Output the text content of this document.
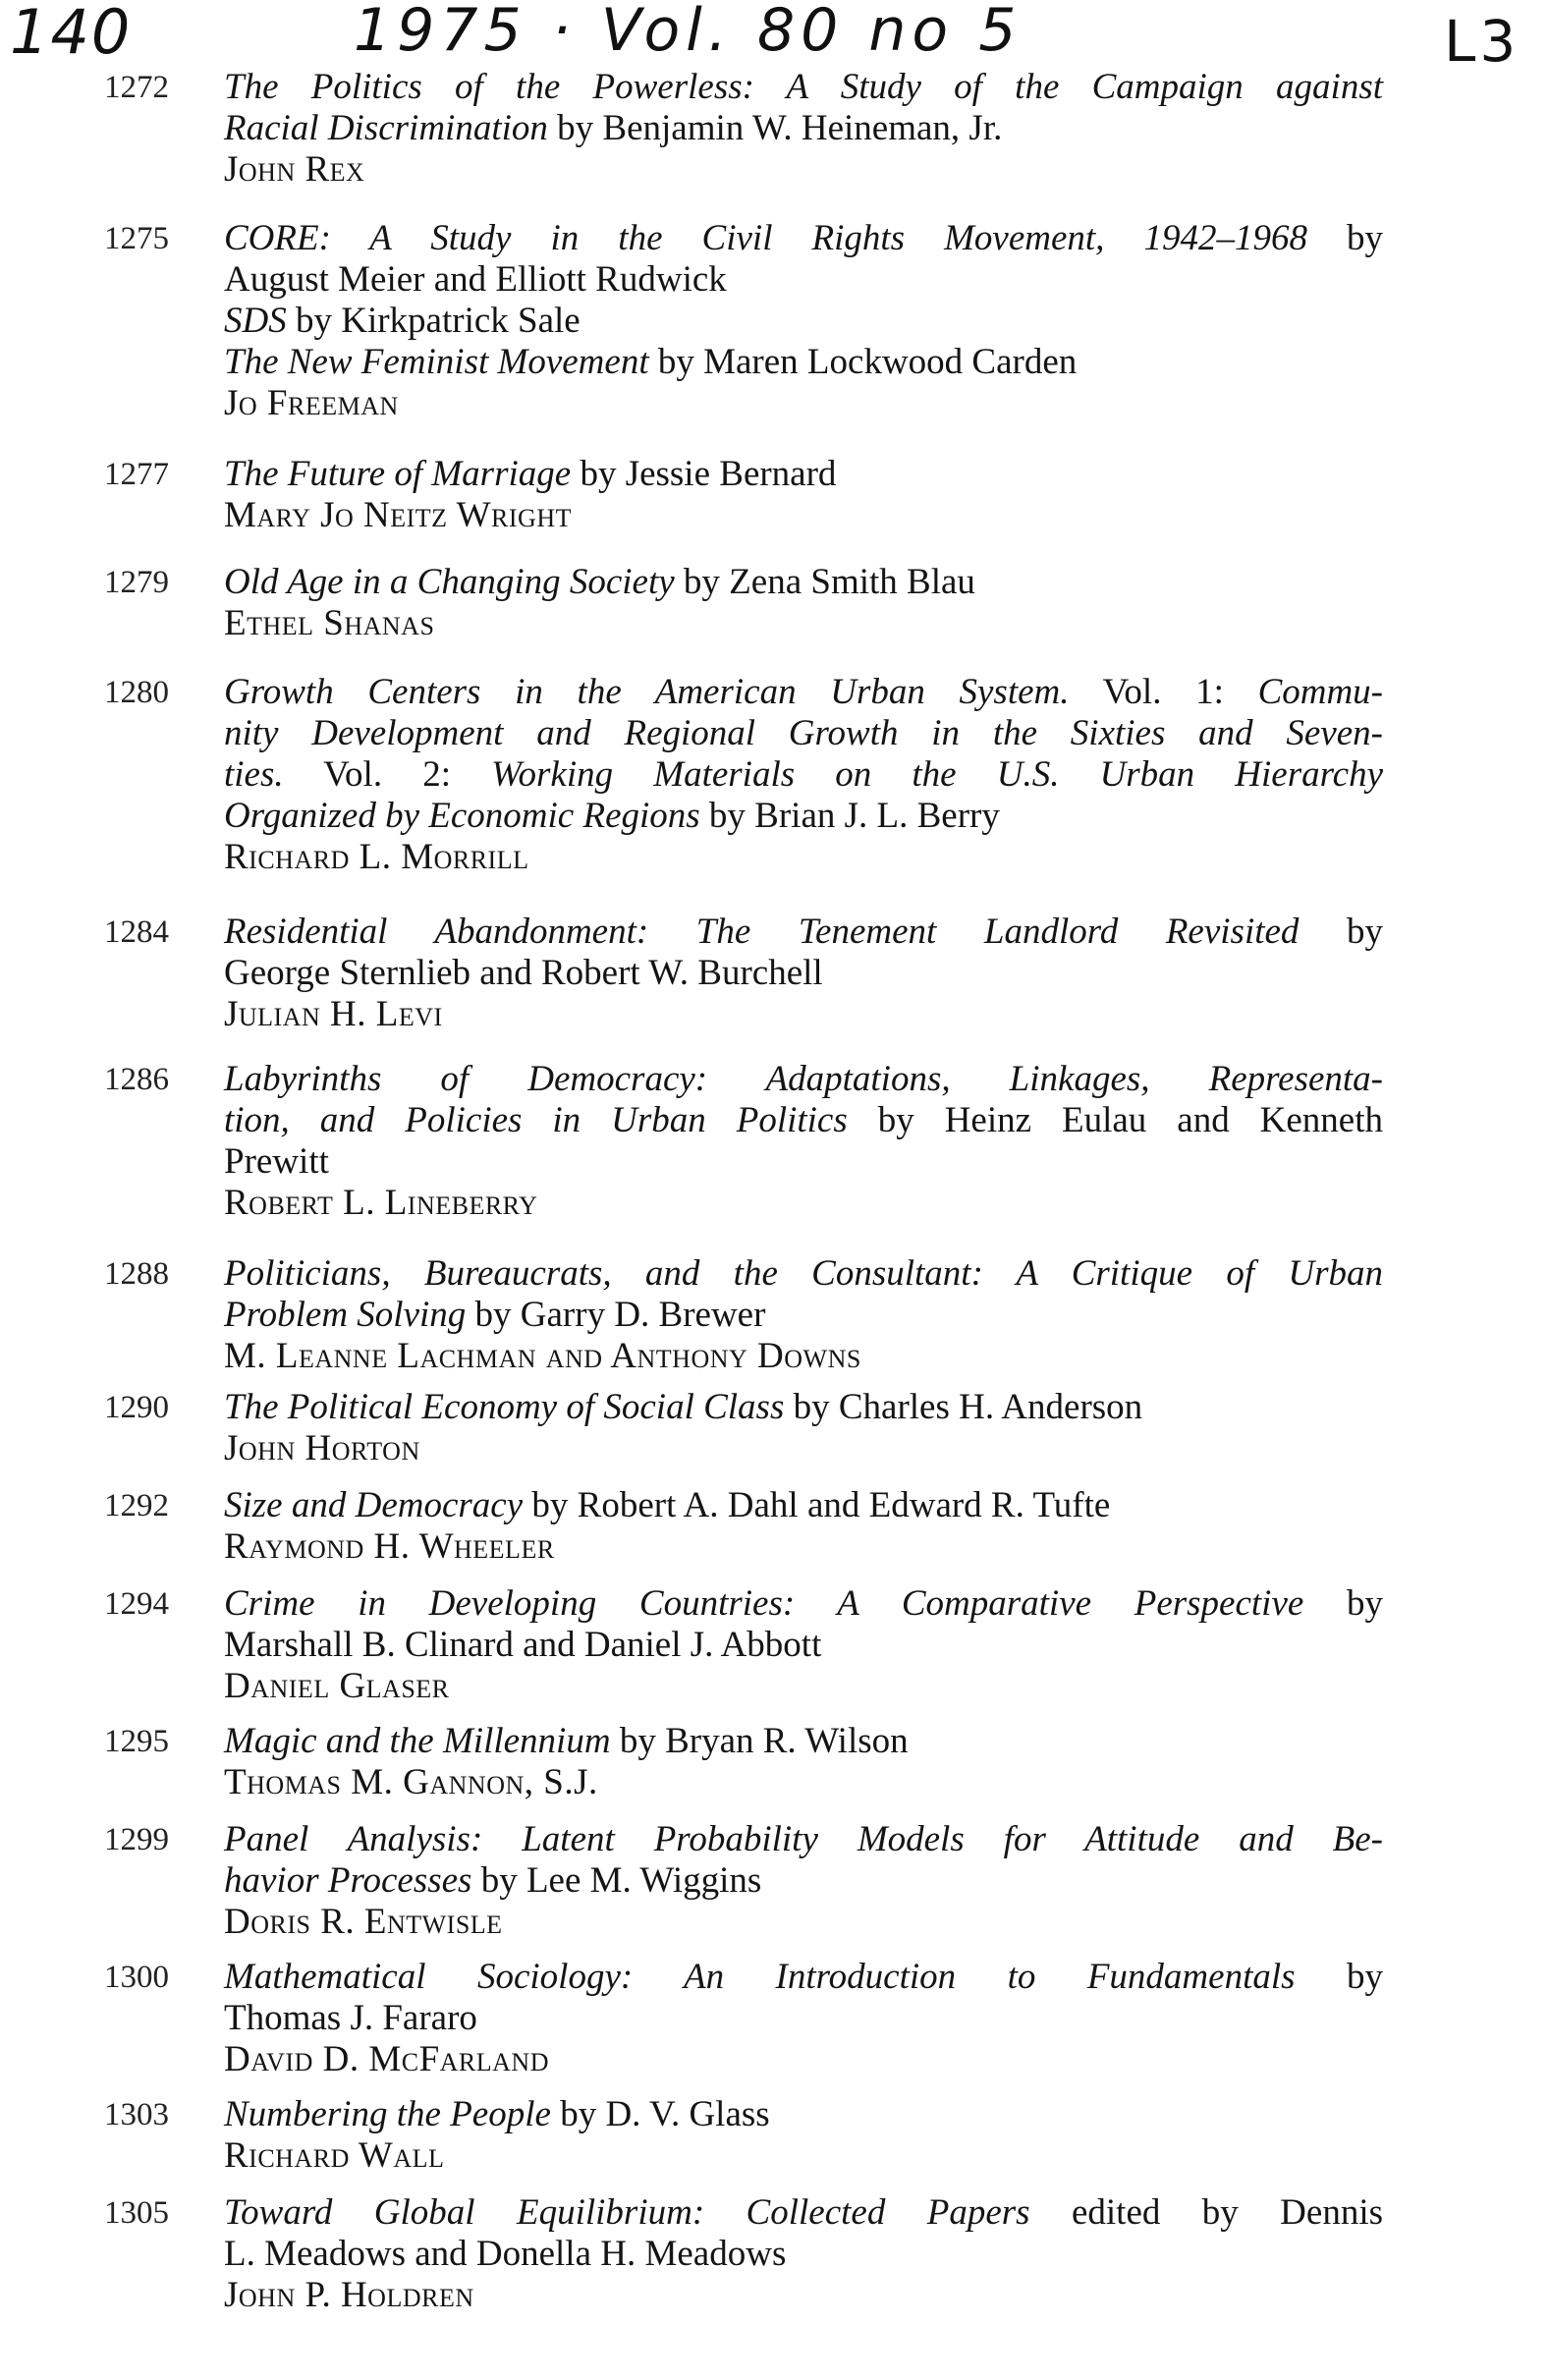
140	1975 · Vol. 80 no 5	L3
1272 The Politics of the Powerless: A Study of the Campaign against
Racial Discrimination by Benjamin W. Heineman, Jr.
John Rex
1275 CORE: A Study in the Civil Rights Movement, 1942–1968 by
August Meier and Elliott Rudwick
SDS by Kirkpatrick Sale
The New Feminist Movement by Maren Lockwood Carden
Jo Freeman
1277 The Future of Marriage by Jessie Bernard
Mary Jo Neitz Wright
1279 Old Age in a Changing Society by Zena Smith Blau
Ethel Shanas
1280 Growth Centers in the American Urban System. Vol. 1: Commu-
nity Development and Regional Growth in the Sixties and Seven-
ties. Vol. 2: Working Materials on the U.S. Urban Hierarchy
Organized by Economic Regions by Brian J. L. Berry
Richard L. Morrill
1284 Residential Abandonment: The Tenement Landlord Revisited by
George Sternlieb and Robert W. Burchell
Julian H. Levi
1286 Labyrinths of Democracy: Adaptations, Linkages, Representa-
tion, and Policies in Urban Politics by Heinz Eulau and Kenneth
Prewitt
Robert L. Lineberry
1288 Politicians, Bureaucrats, and the Consultant: A Critique of Urban
Problem Solving by Garry D. Brewer
M. Leanne Lachman and Anthony Downs
1290 The Political Economy of Social Class by Charles H. Anderson
John Horton
1292 Size and Democracy by Robert A. Dahl and Edward R. Tufte
Raymond H. Wheeler
1294 Crime in Developing Countries: A Comparative Perspective by
Marshall B. Clinard and Daniel J. Abbott
Daniel Glaser
1295 Magic and the Millennium by Bryan R. Wilson
Thomas M. Gannon, S.J.
1299 Panel Analysis: Latent Probability Models for Attitude and Be-
havior Processes by Lee M. Wiggins
Doris R. Entwisle
1300 Mathematical Sociology: An Introduction to Fundamentals by
Thomas J. Fararo
David D. McFarland
1303 Numbering the People by D. V. Glass
Richard Wall
1305 Toward Global Equilibrium: Collected Papers edited by Dennis
L. Meadows and Donella H. Meadows
John P. Holdren
